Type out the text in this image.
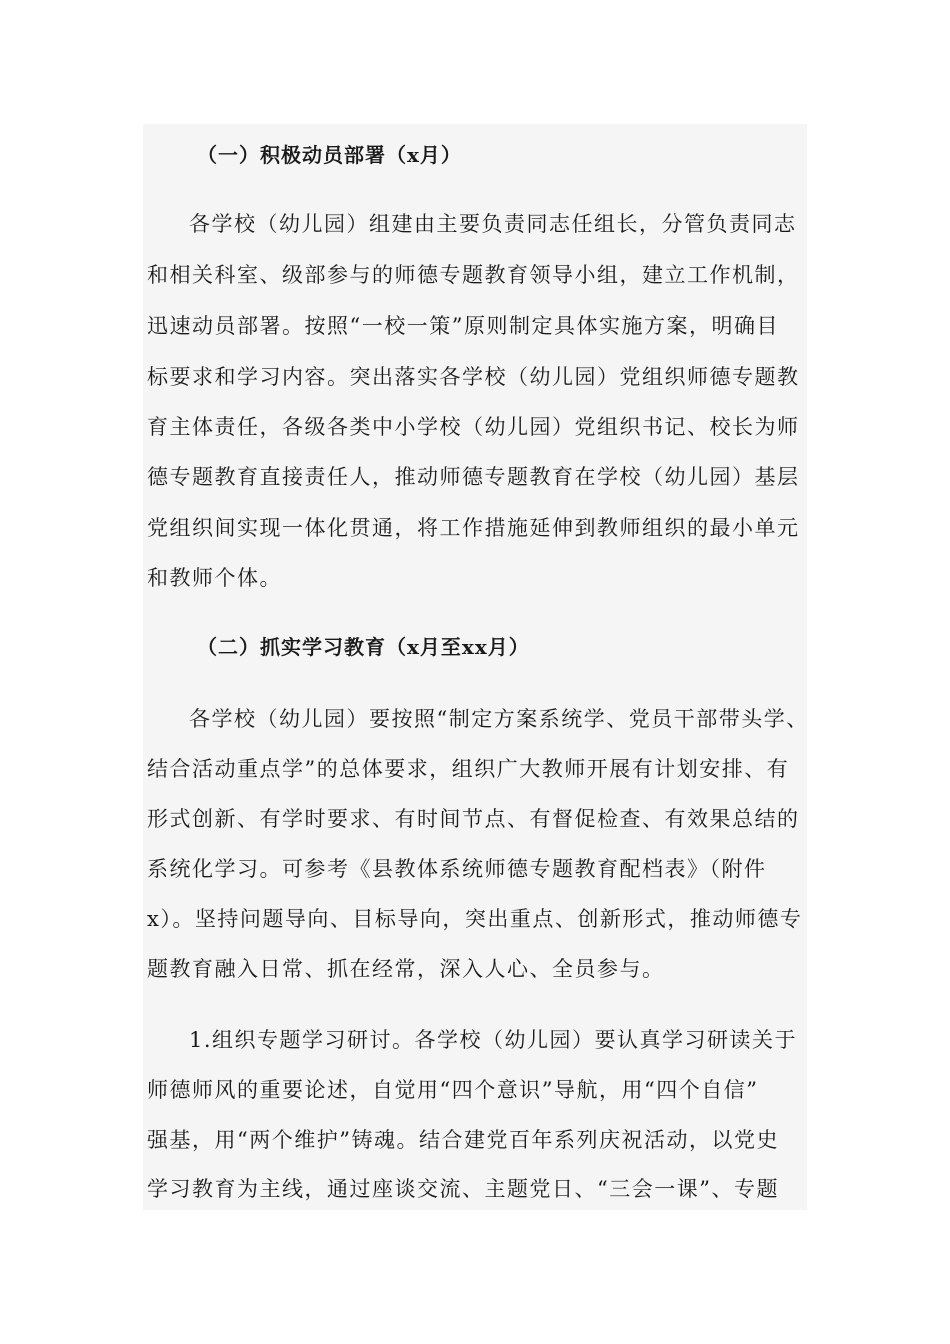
（一）积极动员部署（x月）

各学校（幼儿园）组建由主要负责同志任组长，分管负责同志

和相关科室、级部参与的师德专题教育领导小组，建立工作机制，

迅速动员部署。按照“一校一策”原则制定具体实施方案，明确目

标要求和学习内容。突出落实各学校（幼儿园）党组织师德专题教

育主体责任，各级各类中小学校（幼儿园）党组织书记、校长为师

德专题教育直接责任人，推动师德专题教育在学校（幼儿园）基层

党组织间实现一体化贯通，将工作措施延伸到教师组织的最小单元

和教师个体。

（二）抓实学习教育（x月至xx月）

各学校（幼儿园）要按照“制定方案系统学、党员干部带头学、

结合活动重点学”的总体要求，组织广大教师开展有计划安排、有

形式创新、有学时要求、有时间节点、有督促检查、有效果总结的

系统化学习。可参考《县教体系统师德专题教育配档表》（附件

x）。坚持问题导向、目标导向，突出重点、创新形式，推动师德专

题教育融入日常、抓在经常，深入人心、全员参与。

1.组织专题学习研讨。各学校（幼儿园）要认真学习研读关于

师德师风的重要论述，自觉用“四个意识”导航，用“四个自信”

强基，用“两个维护”铸魂。结合建党百年系列庆祝活动，以党史

学习教育为主线，通过座谈交流、主题党日、“三会一课”、专题
